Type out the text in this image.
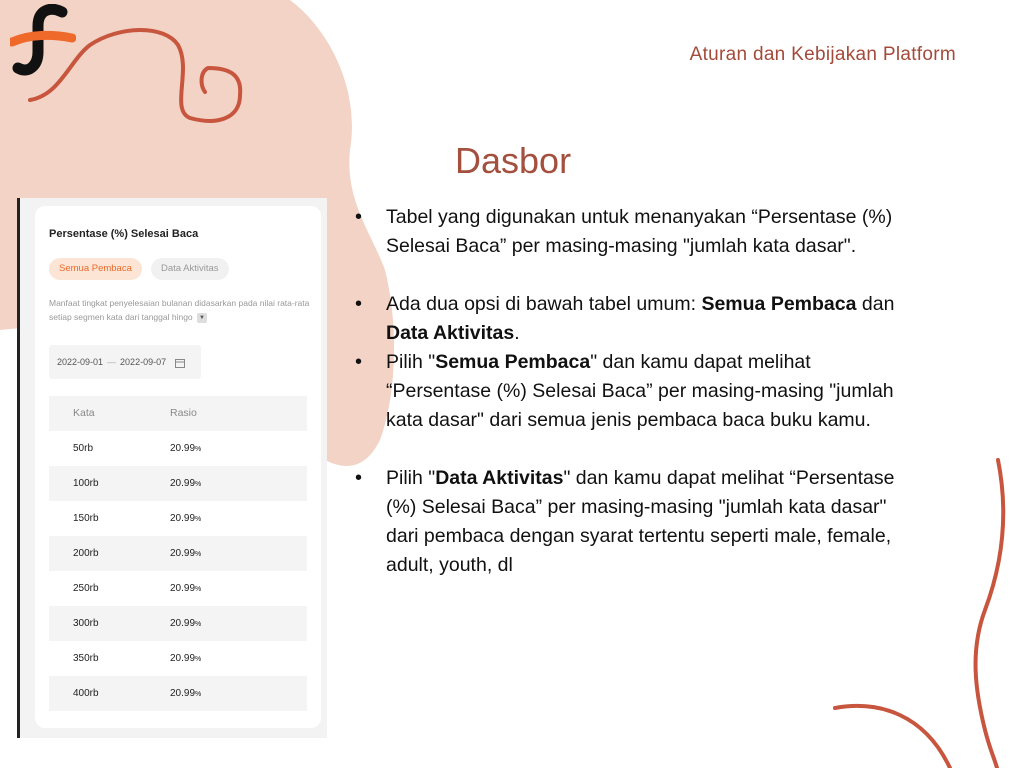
Aturan dan Kebijakan Platform
Dasbor
Persentase (%) Selesai Baca
Semua Pembaca	Data Aktivitas
Manfaat tingkat penyelesaian bulanan didasarkan pada nilai rata-rata setiap segmen kata dari tanggal hingo ▼
2022-09-01 — 2022-09-07
Kata	Rasio
50rb	20.99%
100rb	20.99%
150rb	20.99%
200rb	20.99%
250rb	20.99%
300rb	20.99%
350rb	20.99%
400rb	20.99%
• Tabel yang digunakan untuk menanyakan “Persentase (%) Selesai Baca” per masing-masing "jumlah kata dasar".
• Ada dua opsi di bawah tabel umum: Semua Pembaca dan Data Aktivitas.
• Pilih "Semua Pembaca" dan kamu dapat melihat “Persentase (%) Selesai Baca” per masing-masing "jumlah kata dasar" dari semua jenis pembaca baca buku kamu.
• Pilih "Data Aktivitas" dan kamu dapat melihat “Persentase (%) Selesai Baca” per masing-masing "jumlah kata dasar" dari pembaca dengan syarat tertentu seperti male, female, adult, youth, dl
